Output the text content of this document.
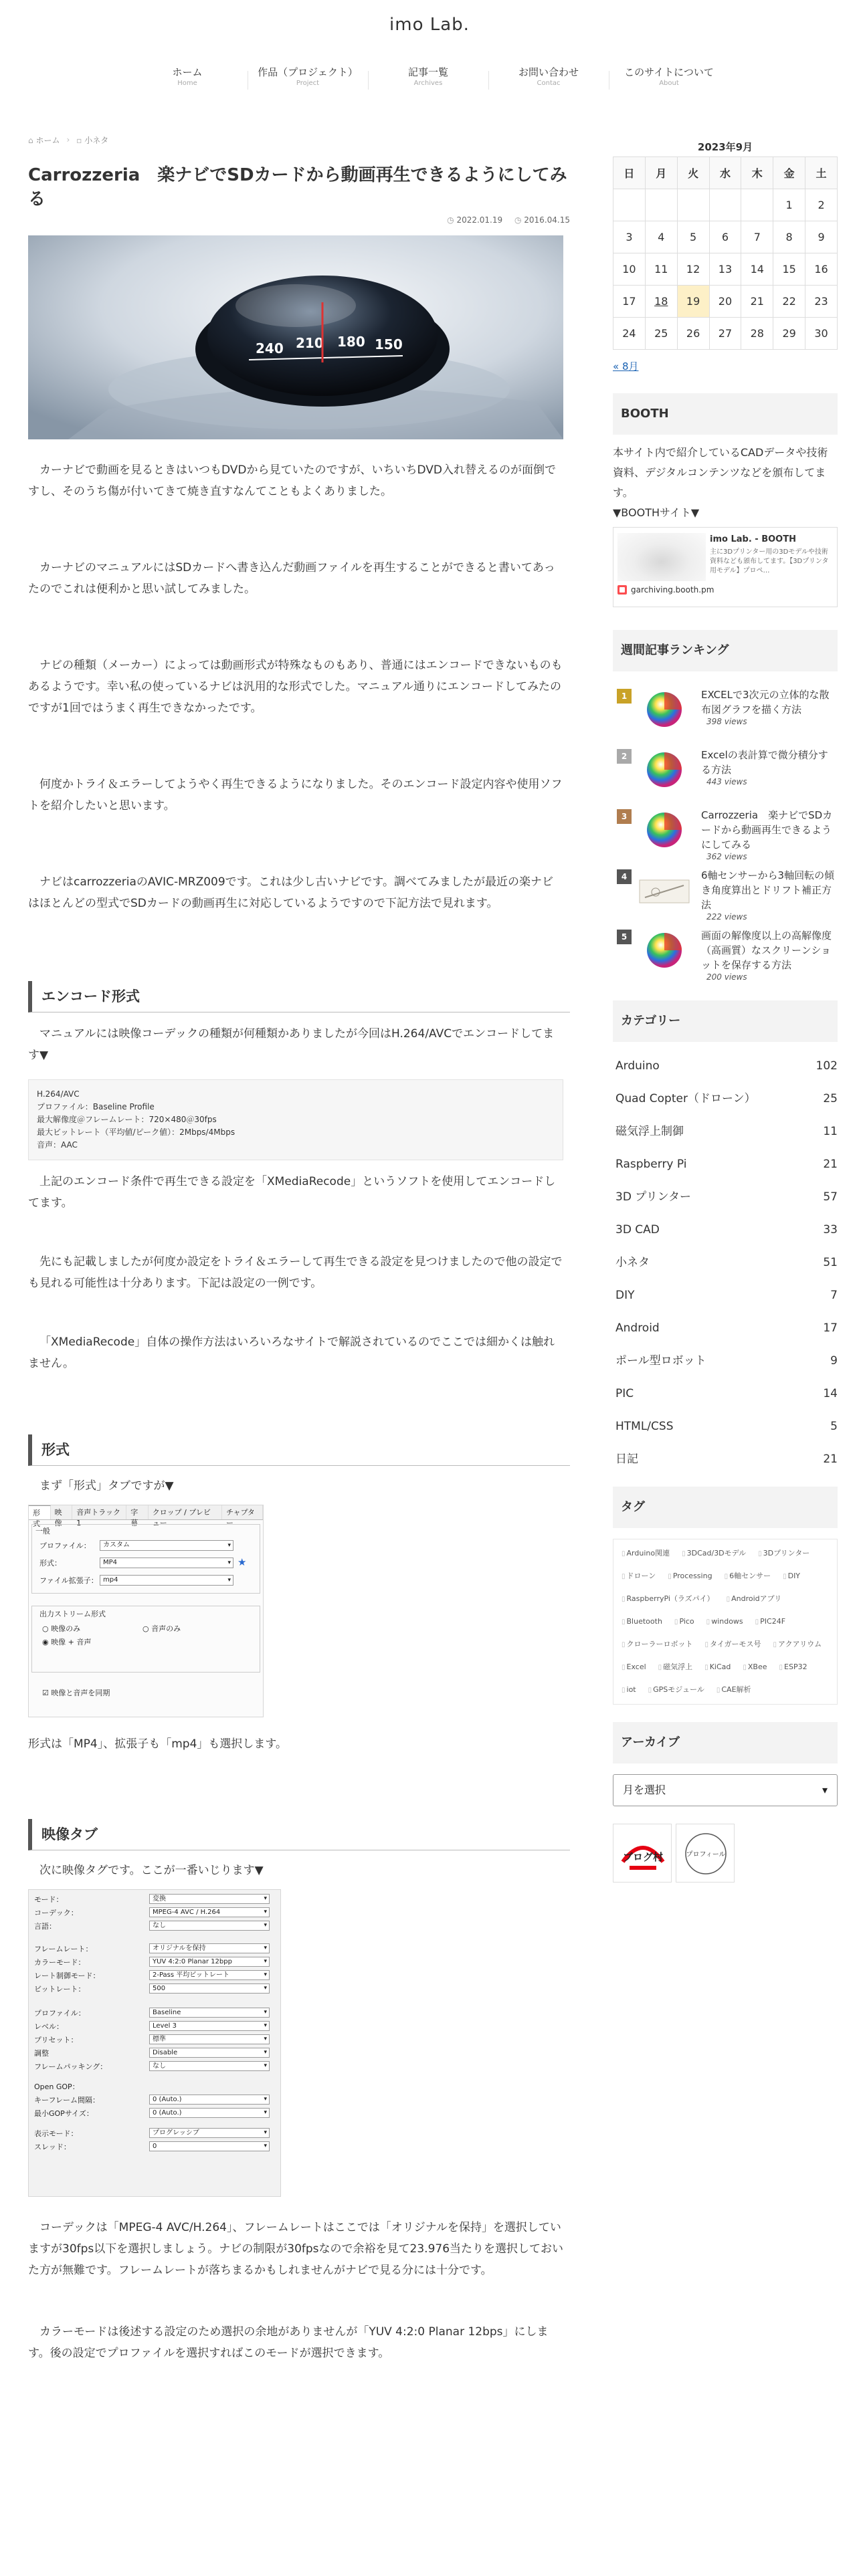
imo Lab.
ホーム
Home
作品（プロジェクト）
Project
記事一覧
Archives
お問い合わせ
Contac
このサイトについて
About
⌂ ホーム ›	▫ 小ネタ
Carrozzeria　楽ナビでSDカードから動画再生できるようにしてみる
◷ 2022.01.19	◷ 2016.04.15
240 210 180 150

カーナビで動画を見るときはいつもDVDから見ていたのですが、いちいちDVD入れ替えるのが面倒ですし、そのうち傷が付いてきて焼き直すなんてこともよくありました。

カーナビのマニュアルにはSDカードへ書き込んだ動画ファイルを再生することができると書いてあったのでこれは便利かと思い試してみました。

ナビの種類（メーカー）によっては動画形式が特殊なものもあり、普通にはエンコードできないものもあるようです。幸い私の使っているナビは汎用的な形式でした。マニュアル通りにエンコードしてみたのですが1回ではうまく再生できなかったです。

何度かトライ＆エラーしてようやく再生できるようになりました。そのエンコード設定内容や使用ソフトを紹介したいと思います。

ナビはcarrozzeriaのAVIC-MRZ009です。これは少し古いナビです。調べてみましたが最近の楽ナビはほとんどの型式でSDカードの動画再生に対応しているようですので下記方法で見れます。

エンコード形式

マニュアルには映像コーデックの種類が何種類かありましたが今回はH.264/AVCでエンコードしてます▼

H.264/AVC
プロファイル：Baseline Profile
最大解像度＠フレームレート：720×480＠30fps
最大ビットレート（平均値/ピーク値）：2Mbps/4Mbps
音声：AAC

上記のエンコード条件で再生できる設定を「XMediaRecode」というソフトを使用してエンコードしてます。

先にも記載しましたが何度か設定をトライ＆エラーして再生できる設定を見つけましたので他の設定でも見れる可能性は十分あります。下記は設定の一例です。

「XMediaRecode」自体の操作方法はいろいろなサイトで解説されているのでここでは細かくは触れません。

形式

まず「形式」タブですが▼

形式
映像
音声トラック 1
字幕
クロップ / プレビュー
チャプター
一般
プロファイル：	カスタム ▾
形式：	MP4 ▾	★
ファイル拡張子： mp4 ▾
出力ストリーム形式
○ 映像のみ	○ 音声のみ
◉ 映像 + 音声
☑ 映像と音声を同期

形式は「MP4」、拡張子も「mp4」も選択します。

映像タブ

次に映像タグです。ここが一番いじります▼

モード：	変換 ▾
コーデック：	MPEG-4 AVC / H.264 ▾
言語：	なし ▾
フレームレート：	オリジナルを保持 ▾
カラーモード：	YUV 4:2:0 Planar 12bpp ▾
レート制御モード：	2-Pass 平均ビットレート ▾
ビットレート：	500 ▾
プロファイル：	Baseline ▾
レベル：	Level 3 ▾
プリセット：	標準 ▾
調整	Disable ▾
フレームパッキング：	なし ▾
Open GOP：
キーフレーム間隔：	0 (Auto.) ▾
最小GOPサイズ：	0 (Auto.) ▾
表示モード：	プログレッシブ ▾
スレッド：	0 ▾

コーデックは「MPEG-4 AVC/H.264」、フレームレートはここでは「オリジナルを保持」を選択していますが30fps以下を選択しましょう。ナビの制限が30fpsなので余裕を見て23.976当たりを選択しておいた方が無難です。フレームレートが落ちまるかもしれませんがナビで見る分には十分です。

カラーモードは後述する設定のため選択の余地がありませんが「YUV 4:2:0 Planar 12bps」にします。後の設定でプロファイルを選択すればこのモードが選択できます。

2023年9月
日	月	火	水	木	金	土
					1	2
3	4	5	6	7	8	9
10	11	12	13	14	15	16
17	18	19	20	21	22	23
24	25	26	27	28	29	30
« 8月
BOOTH
本サイト内で紹介しているCADデータや技術資料、デジタルコンテンツなどを頒布してます。
▼BOOTHサイト▼
imo Lab. - BOOTH
主に3Dプリンター用の3Dモデルや技術資料なども頒布してます。【3Dプリンタ用モデル】プロペ…
garchiving.booth.pm
週間記事ランキング
1	EXCELで3次元の立体的な散布図グラフを描く方法
398 views
2	Excelの表計算で微分積分する方法
443 views
3	Carrozzeria　楽ナビでSDカードから動画再生できるようにしてみる
362 views
4	6軸センサーから3軸回転の傾き角度算出とドリフト補正方法
222 views
5	画面の解像度以上の高解像度（高画質）なスクリーンショットを保存する方法
200 views
カテゴリー
Arduino	102
Quad Copter（ドローン）	25
磁気浮上制御	11
Raspberry Pi	21
3D プリンター	57
3D CAD	33
小ネタ	51
DIY	7
Android	17
ポール型ロボット	9
PIC	14
HTML/CSS	5
日記	21
タグ
▯ Arduino関連	▯ 3DCad/3Dモデル	▯ 3Dプリンター
▯ ドローン	▯ Processing	▯ 6軸センサー	▯ DIY
▯ RaspberryPi（ラズパイ）	▯ Androidアプリ
▯ Bluetooth	▯ Pico	▯ windows	▯ PIC24F
▯ クローラーロボット	▯ タイガーモス号	▯ アクアリウム
▯ Excel	▯ 磁気浮上	▯ KiCad	▯ XBee	▯ ESP32
▯ iot	▯ GPSモジュール	▯ CAE解析
アーカイブ
月を選択 ▾
ブログ村	プロフィール
